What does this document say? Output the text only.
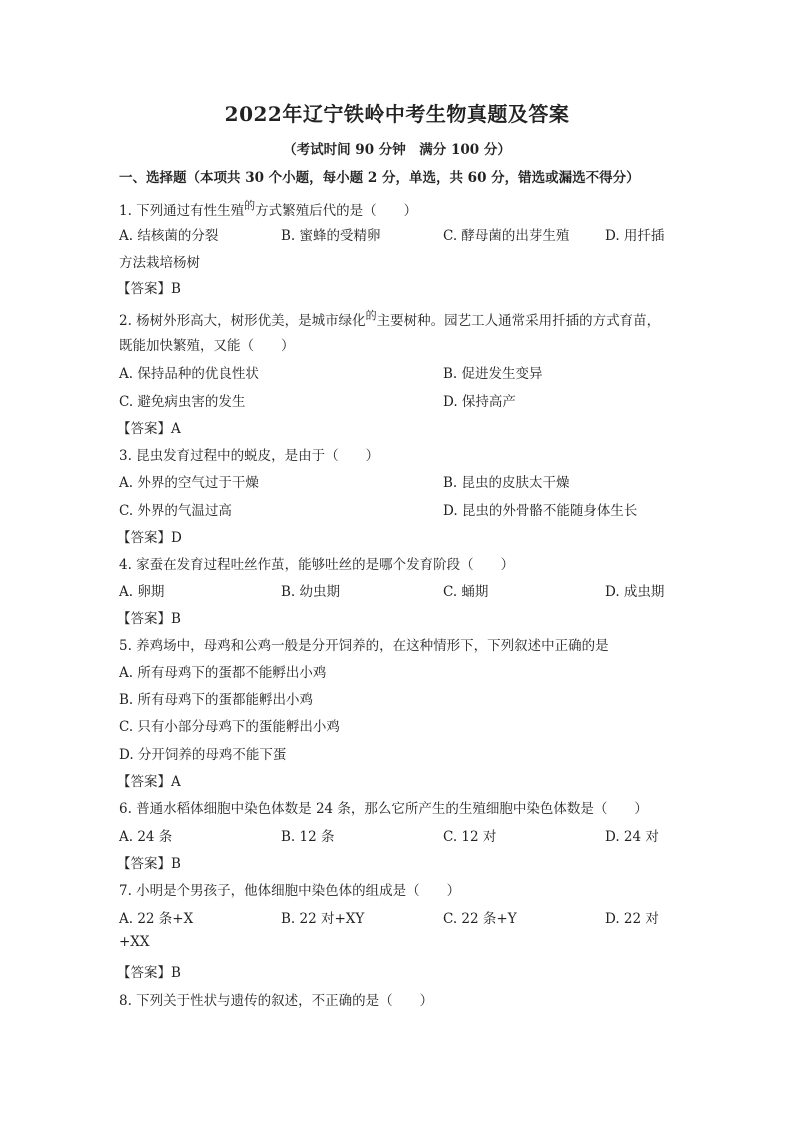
2022年辽宁铁岭中考生物真题及答案
（考试时间 90 分钟　满分 100 分）
一、选择题（本项共 30 个小题，每小题 2 分，单选，共 60 分，错选或漏选不得分）
1. 下列通过有性生殖$^的$方式繁殖后代的是（　　）
A. 结核菌的分裂	B. 蜜蜂的受精卵	C. 酵母菌的出芽生殖	D. 用扦插
方法栽培杨树
【答案】B
2. 杨树外形高大，树形优美，是城市绿化$^的$主要树种。园艺工人通常采用扦插的方式育苗，
既能加快繁殖，又能（　　）
A. 保持品种的优良性状	B. 促进发生变异
C. 避免病虫害的发生	D. 保持高产
【答案】A
3. 昆虫发育过程中的蜕皮，是由于（　　）
A. 外界的空气过于干燥	B. 昆虫的皮肤太干燥
C. 外界的气温过高	D. 昆虫的外骨骼不能随身体生长
【答案】D
4. 家蚕在发育过程吐丝作茧，能够吐丝的是哪个发育阶段（　　）
A. 卵期	B. 幼虫期	C. 蛹期	D. 成虫期
【答案】B
5. 养鸡场中，母鸡和公鸡一般是分开饲养的，在这种情形下，下列叙述中正确的是
A. 所有母鸡下的蛋都不能孵出小鸡
B. 所有母鸡下的蛋都能孵出小鸡
C. 只有小部分母鸡下的蛋能孵出小鸡
D. 分开饲养的母鸡不能下蛋
【答案】A
6. 普通水稻体细胞中染色体数是 24 条，那么它所产生的生殖细胞中染色体数是（　　）
A. 24 条	B. 12 条	C. 12 对	D. 24 对
【答案】B
7. 小明是个男孩子，他体细胞中染色体的组成是（　　）
A. 22 条+X	B. 22 对+XY	C. 22 条+Y	D. 22 对
+XX
【答案】B
8. 下列关于性状与遗传的叙述，不正确的是（　　）
